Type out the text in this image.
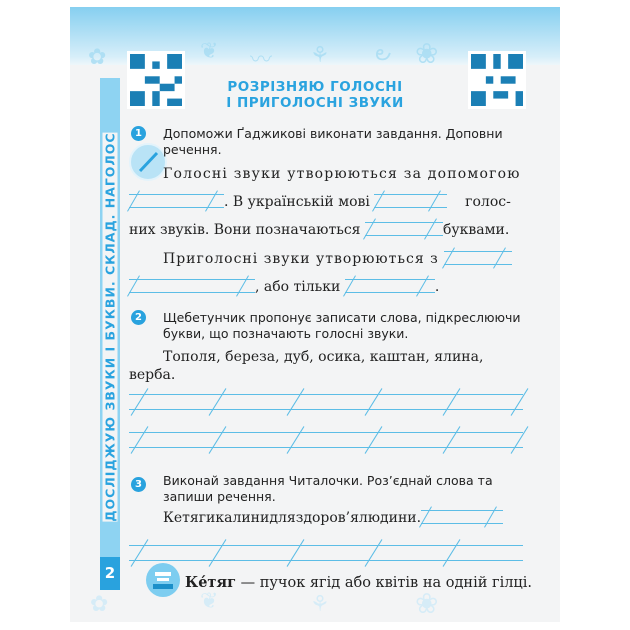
✿	❦ 〰 ⚘ ౿ ❀
✿	❦	⚘	❀
РОЗРІЗНЯЮ ГОЛОСНІ
І ПРИГОЛОСНІ ЗВУКИ
ДОСЛІДЖУЮ ЗВУКИ І БУКВИ. СКЛАД. НАГОЛОС
2
1	Допоможи Ґаджикові виконати завдання. Доповни речення.
Голосні звуки утворюються за допомогою
. В українській мові	голос-
них звуків. Вони позначаються	буквами.
Приголосні звуки утворюються з
, або тільки	.
2	Щебетунчик пропонує записати слова, підкреслюючи букви, що позначають голосні звуки.
Тополя, береза, дуб, осика, каштан, ялина,
верба.
3	Виконай завдання Читалочки. Роз’єднай слова та запиши речення.
Кетягикалинидляздоров’ялюдини.
Ке́тяг — пучок ягід або квітів на одній гілці.
